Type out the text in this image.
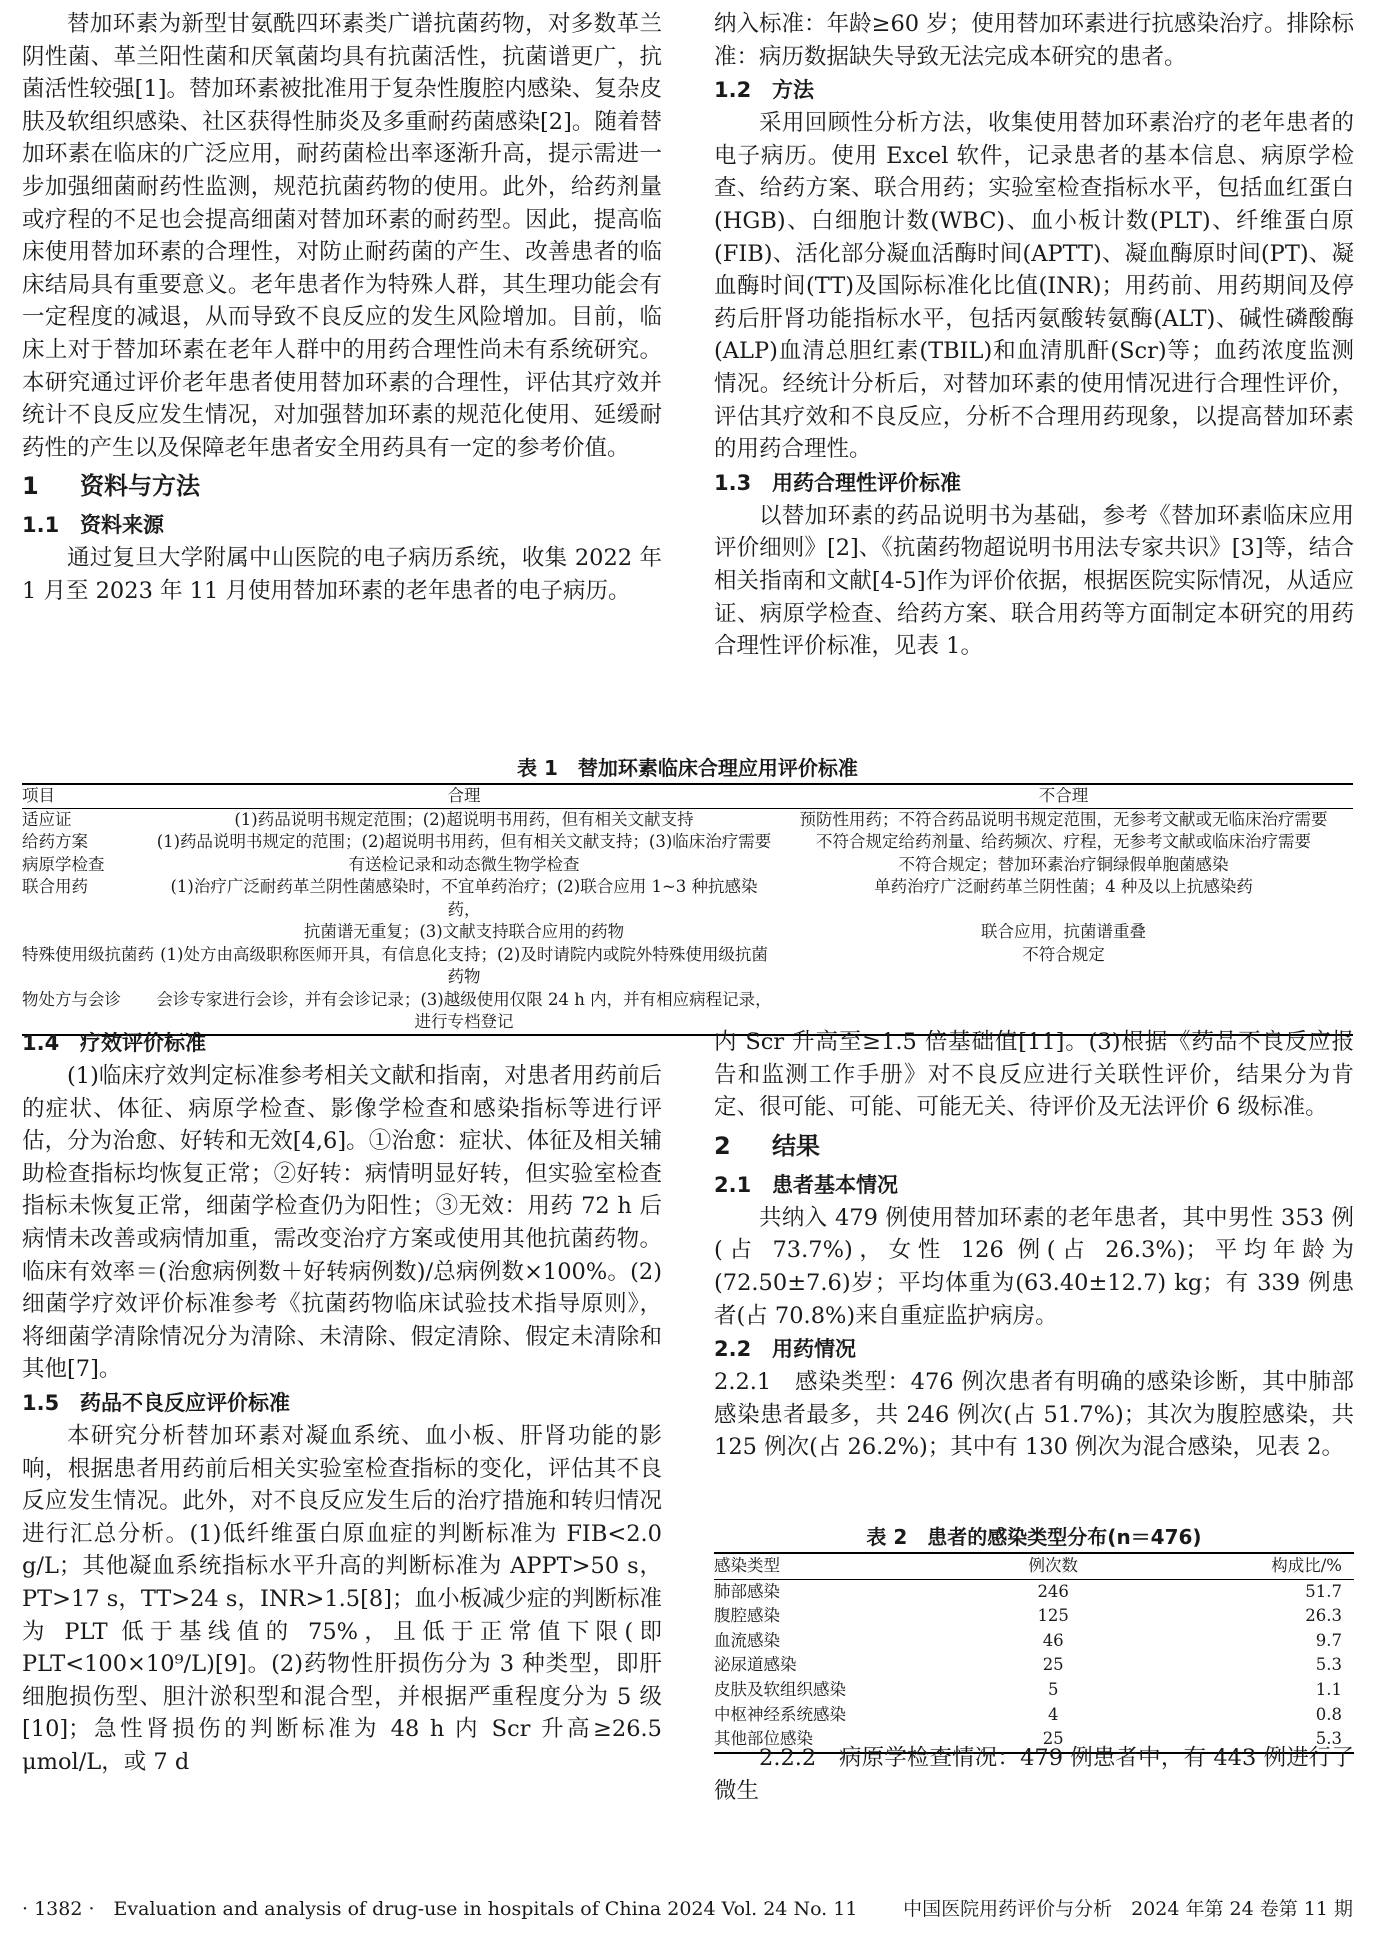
替加环素为新型甘氨酰四环素类广谱抗菌药物，对多数革兰阴性菌、革兰阳性菌和厌氧菌均具有抗菌活性，抗菌谱更广，抗菌活性较强[1]。替加环素被批准用于复杂性腹腔内感染、复杂皮肤及软组织感染、社区获得性肺炎及多重耐药菌感染[2]。随着替加环素在临床的广泛应用，耐药菌检出率逐渐升高，提示需进一步加强细菌耐药性监测，规范抗菌药物的使用。此外，给药剂量或疗程的不足也会提高细菌对替加环素的耐药型。因此，提高临床使用替加环素的合理性，对防止耐药菌的产生、改善患者的临床结局具有重要意义。老年患者作为特殊人群，其生理功能会有一定程度的减退，从而导致不良反应的发生风险增加。目前，临床上对于替加环素在老年人群中的用药合理性尚未有系统研究。本研究通过评价老年患者使用替加环素的合理性，评估其疗效并统计不良反应发生情况，对加强替加环素的规范化使用、延缓耐药性的产生以及保障老年患者安全用药具有一定的参考价值。

1 资料与方法
1.1 资料来源

通过复旦大学附属中山医院的电子病历系统，收集 2022 年 1 月至 2023 年 11 月使用替加环素的老年患者的电子病历。

纳入标准：年龄≥60 岁；使用替加环素进行抗感染治疗。排除标准：病历数据缺失导致无法完成本研究的患者。

1.2 方法

采用回顾性分析方法，收集使用替加环素治疗的老年患者的电子病历。使用 Excel 软件，记录患者的基本信息、病原学检查、给药方案、联合用药；实验室检查指标水平，包括血红蛋白(HGB)、白细胞计数(WBC)、血小板计数(PLT)、纤维蛋白原(FIB)、活化部分凝血活酶时间(APTT)、凝血酶原时间(PT)、凝血酶时间(TT)及国际标准化比值(INR)；用药前、用药期间及停药后肝肾功能指标水平，包括丙氨酸转氨酶(ALT)、碱性磷酸酶(ALP)血清总胆红素(TBIL)和血清肌酐(Scr)等；血药浓度监测情况。经统计分析后，对替加环素的使用情况进行合理性评价，评估其疗效和不良反应，分析不合理用药现象，以提高替加环素的用药合理性。

1.3 用药合理性评价标准

以替加环素的药品说明书为基础，参考《替加环素临床应用评价细则》[2]、《抗菌药物超说明书用法专家共识》[3]等，结合相关指南和文献[4-5]作为评价依据，根据医院实际情况，从适应证、病原学检查、给药方案、联合用药等方面制定本研究的用药合理性评价标准，见表 1。

表 1　替加环素临床合理应用评价标准
项目	合理	不合理
适应证	(1)药品说明书规定范围；(2)超说明书用药，但有相关文献支持	预防性用药；不符合药品说明书规定范围，无参考文献或无临床治疗需要
给药方案	(1)药品说明书规定的范围；(2)超说明书用药，但有相关文献支持；(3)临床治疗需要	不符合规定给药剂量、给药频次、疗程，无参考文献或临床治疗需要
病原学检查	有送检记录和动态微生物学检查	不符合规定；替加环素治疗铜绿假单胞菌感染
联合用药	(1)治疗广泛耐药革兰阴性菌感染时，不宜单药治疗；(2)联合应用 1~3 种抗感染药，	单药治疗广泛耐药革兰阴性菌；4 种及以上抗感染药
	抗菌谱无重复；(3)文献支持联合应用的药物	联合应用，抗菌谱重叠
特殊使用级抗菌药	(1)处方由高级职称医师开具，有信息化支持；(2)及时请院内或院外特殊使用级抗菌药物	不符合规定
物处方与会诊	会诊专家进行会诊，并有会诊记录；(3)越级使用仅限 24 h 内，并有相应病程记录，进行专档登记	
1.4 疗效评价标准

(1)临床疗效判定标准参考相关文献和指南，对患者用药前后的症状、体征、病原学检查、影像学检查和感染指标等进行评估，分为治愈、好转和无效[4,6]。①治愈：症状、体征及相关辅助检查指标均恢复正常；②好转：病情明显好转，但实验室检查指标未恢复正常，细菌学检查仍为阳性；③无效：用药 72 h 后病情未改善或病情加重，需改变治疗方案或使用其他抗菌药物。临床有效率＝(治愈病例数＋好转病例数)/总病例数×100%。(2)细菌学疗效评价标准参考《抗菌药物临床试验技术指导原则》，将细菌学清除情况分为清除、未清除、假定清除、假定未清除和其他[7]。

1.5 药品不良反应评价标准

本研究分析替加环素对凝血系统、血小板、肝肾功能的影响，根据患者用药前后相关实验室检查指标的变化，评估其不良反应发生情况。此外，对不良反应发生后的治疗措施和转归情况进行汇总分析。(1)低纤维蛋白原血症的判断标准为 FIB<2.0 g/L；其他凝血系统指标水平升高的判断标准为 APPT>50 s，PT>17 s，TT>24 s，INR>1.5[8]；血小板减少症的判断标准为 PLT 低于基线值的 75%，且低于正常值下限(即 PLT<100×10⁹/L)[9]。(2)药物性肝损伤分为 3 种类型，即肝细胞损伤型、胆汁淤积型和混合型，并根据严重程度分为 5 级[10]；急性肾损伤的判断标准为 48 h 内 Scr 升高≥26.5 μmol/L，或 7 d

内 Scr 升高至≥1.5 倍基础值[11]。(3)根据《药品不良反应报告和监测工作手册》对不良反应进行关联性评价，结果分为肯定、很可能、可能、可能无关、待评价及无法评价 6 级标准。

2 结果
2.1 患者基本情况

共纳入 479 例使用替加环素的老年患者，其中男性 353 例(占 73.7%)，女性 126 例(占 26.3%)；平均年龄为(72.50±7.6)岁；平均体重为(63.40±12.7) kg；有 339 例患者(占 70.8%)来自重症监护病房。

2.2 用药情况

2.2.1　感染类型：476 例次患者有明确的感染诊断，其中肺部感染患者最多，共 246 例次(占 51.7%)；其次为腹腔感染，共 125 例次(占 26.2%)；其中有 130 例次为混合感染，见表 2。

表 2　患者的感染类型分布(n＝476)
感染类型	例次数	构成比/%
肺部感染	246	51.7
腹腔感染	125	26.3
血流感染	46	9.7
泌尿道感染	25	5.3
皮肤及软组织感染	5	1.1
中枢神经系统感染	4	0.8
其他部位感染	25	5.3

2.2.2　病原学检查情况：479 例患者中，有 443 例进行了微生

· 1382 ·　Evaluation and analysis of drug-use in hospitals of China 2024 Vol. 24 No. 11 中国医院用药评价与分析　2024 年第 24 卷第 11 期
